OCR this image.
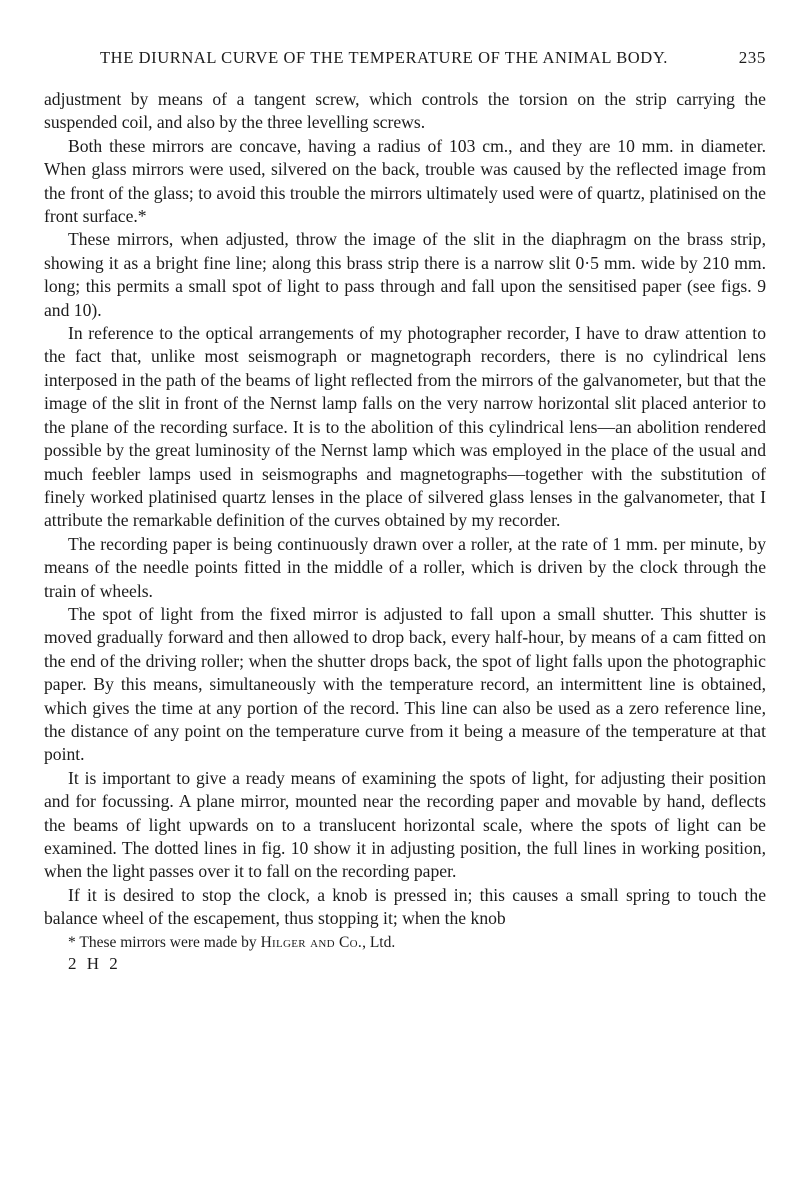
THE DIURNAL CURVE OF THE TEMPERATURE OF THE ANIMAL BODY.	235

adjustment by means of a tangent screw, which controls the torsion on the strip carrying the suspended coil, and also by the three levelling screws.

Both these mirrors are concave, having a radius of 103 cm., and they are 10 mm. in diameter. When glass mirrors were used, silvered on the back, trouble was caused by the reflected image from the front of the glass; to avoid this trouble the mirrors ultimately used were of quartz, platinised on the front surface.*

These mirrors, when adjusted, throw the image of the slit in the diaphragm on the brass strip, showing it as a bright fine line; along this brass strip there is a narrow slit 0·5 mm. wide by 210 mm. long; this permits a small spot of light to pass through and fall upon the sensitised paper (see figs. 9 and 10).

In reference to the optical arrangements of my photographer recorder, I have to draw attention to the fact that, unlike most seismograph or magnetograph recorders, there is no cylindrical lens interposed in the path of the beams of light reflected from the mirrors of the galvanometer, but that the image of the slit in front of the Nernst lamp falls on the very narrow horizontal slit placed anterior to the plane of the recording surface. It is to the abolition of this cylindrical lens—an abolition rendered possible by the great luminosity of the Nernst lamp which was employed in the place of the usual and much feebler lamps used in seismographs and magnetographs—together with the substitution of finely worked platinised quartz lenses in the place of silvered glass lenses in the galvanometer, that I attribute the remarkable definition of the curves obtained by my recorder.

The recording paper is being continuously drawn over a roller, at the rate of 1 mm. per minute, by means of the needle points fitted in the middle of a roller, which is driven by the clock through the train of wheels.

The spot of light from the fixed mirror is adjusted to fall upon a small shutter. This shutter is moved gradually forward and then allowed to drop back, every half-hour, by means of a cam fitted on the end of the driving roller; when the shutter drops back, the spot of light falls upon the photographic paper. By this means, simultaneously with the temperature record, an intermittent line is obtained, which gives the time at any portion of the record. This line can also be used as a zero reference line, the distance of any point on the temperature curve from it being a measure of the temperature at that point.

It is important to give a ready means of examining the spots of light, for adjusting their position and for focussing. A plane mirror, mounted near the recording paper and movable by hand, deflects the beams of light upwards on to a translucent horizontal scale, where the spots of light can be examined. The dotted lines in fig. 10 show it in adjusting position, the full lines in working position, when the light passes over it to fall on the recording paper.

If it is desired to stop the clock, a knob is pressed in; this causes a small spring to touch the balance wheel of the escapement, thus stopping it; when the knob

* These mirrors were made by Hilger and Co., Ltd.

2 H 2
